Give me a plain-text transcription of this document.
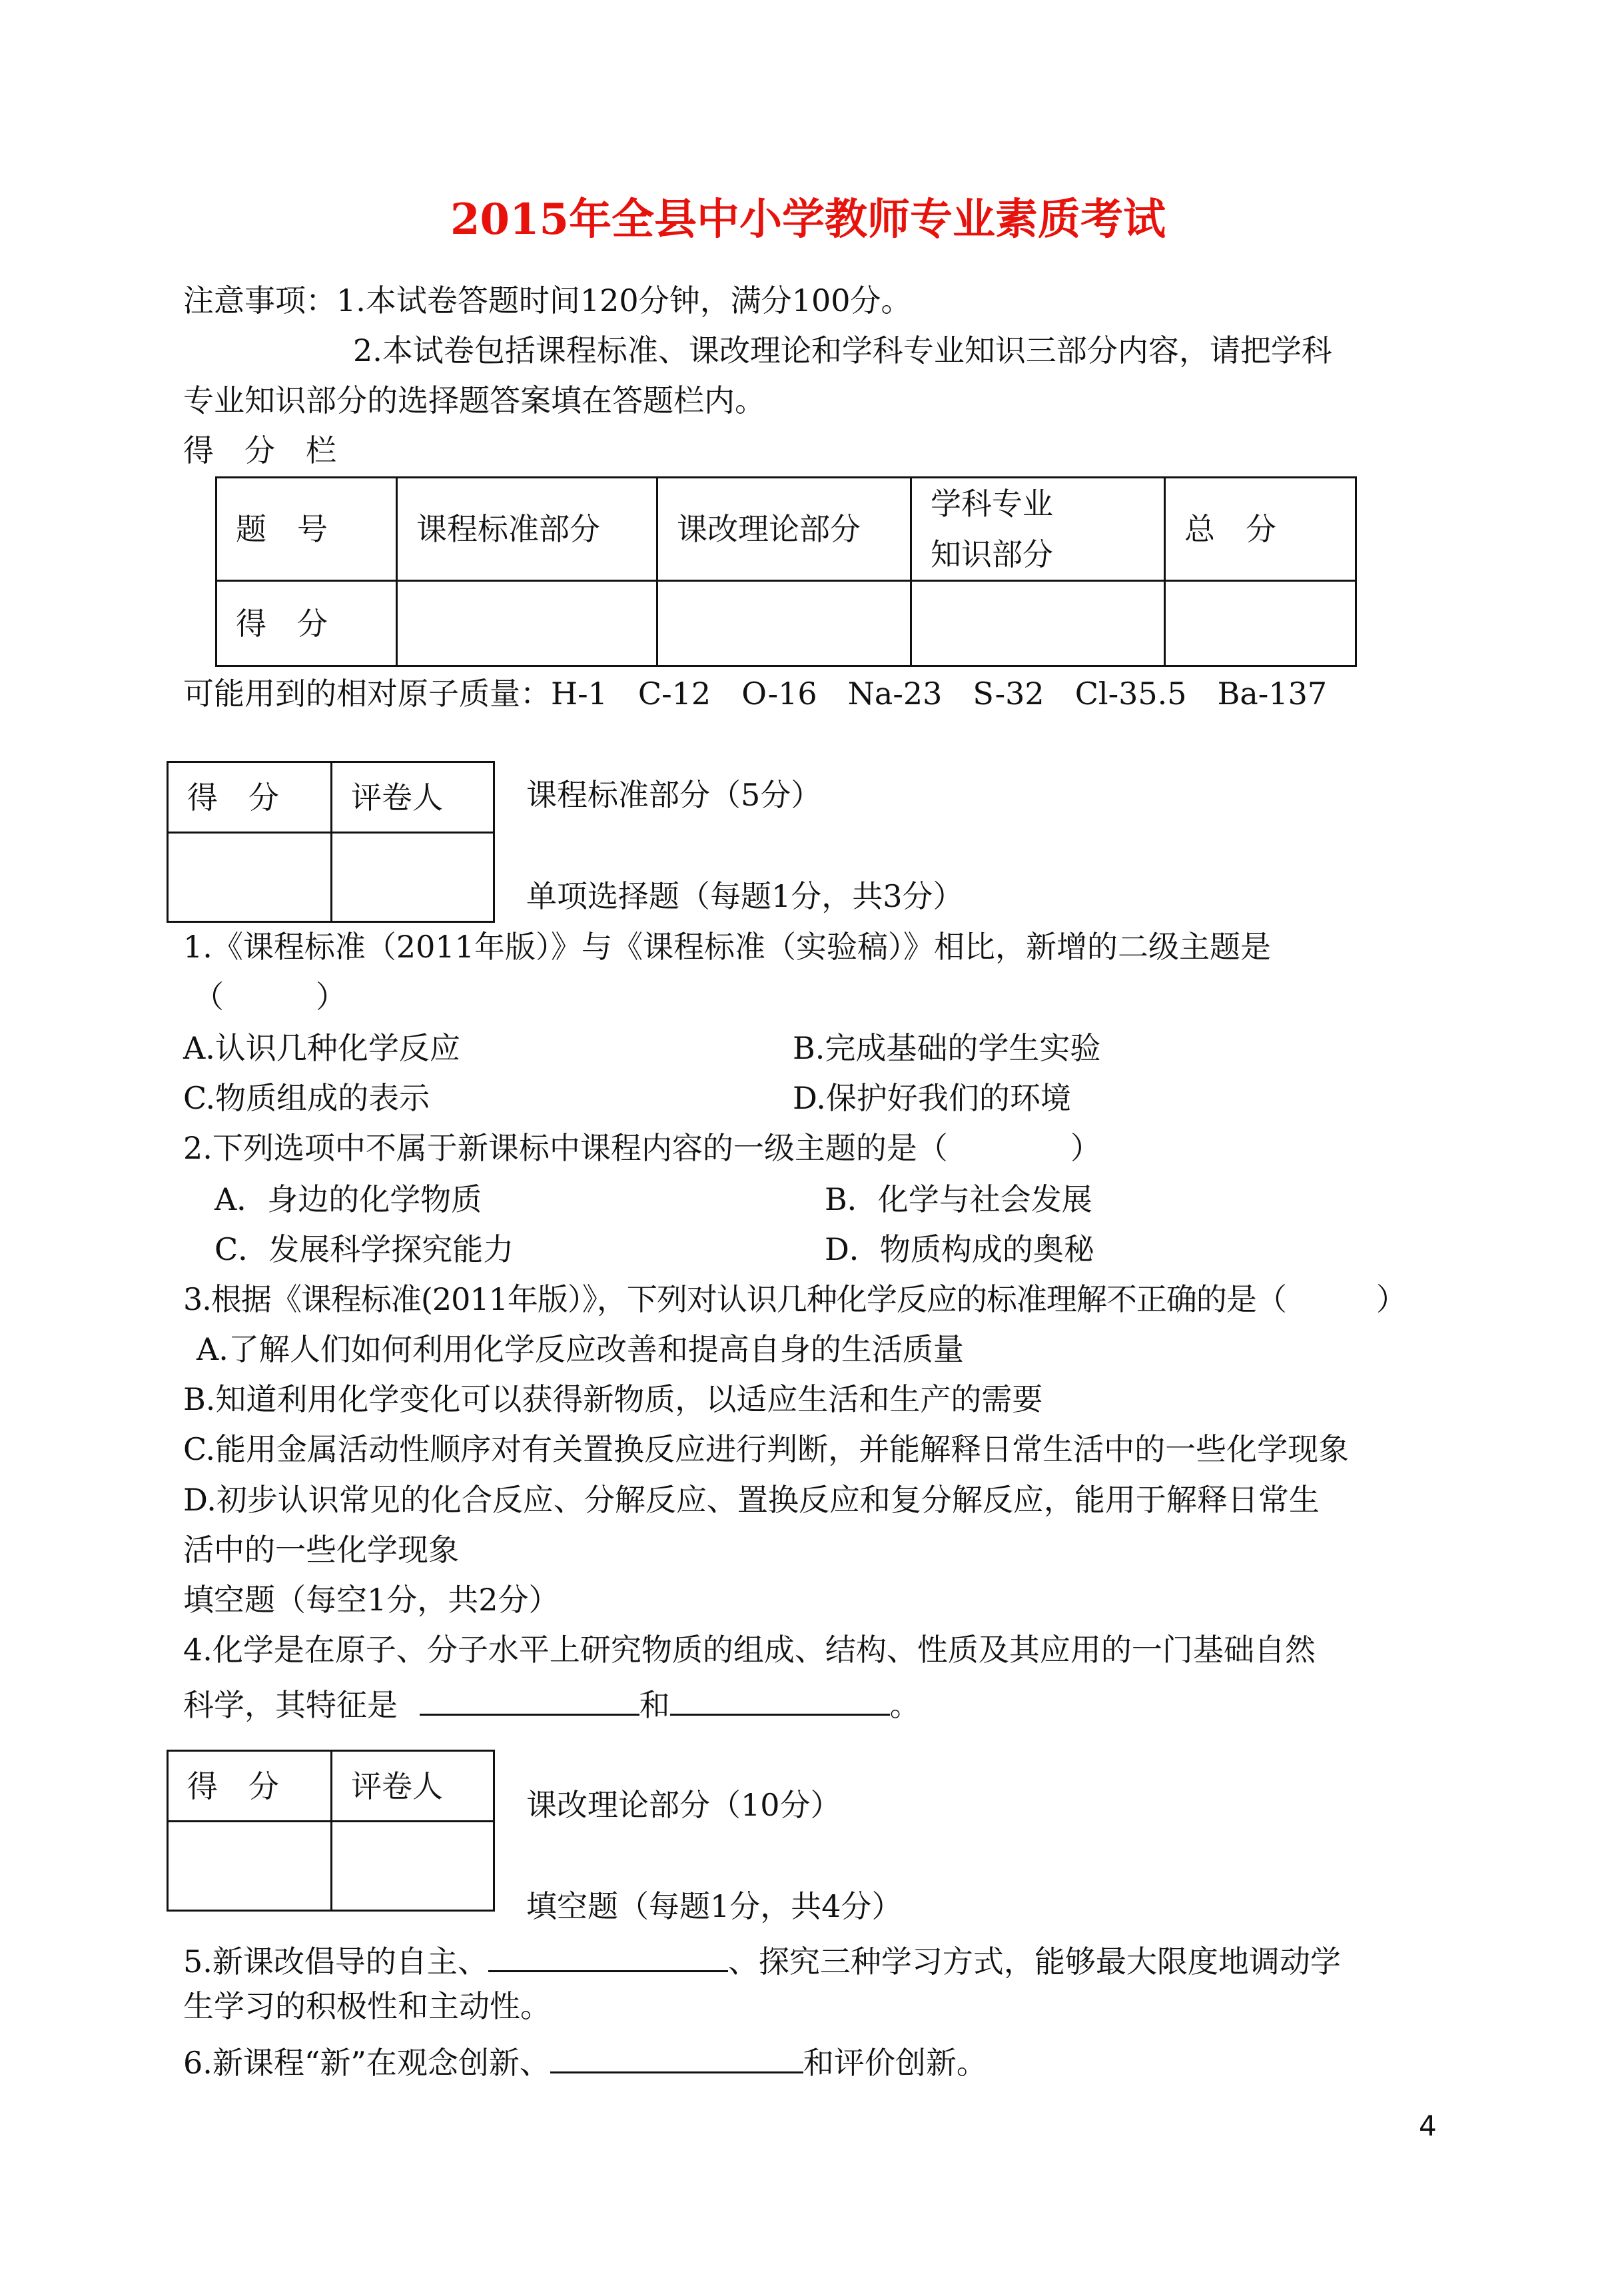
2015年全县中小学教师专业素质考试
注意事项：1.本试卷答题时间120分钟，满分100分。
2.本试卷包括课程标准、课改理论和学科专业知识三部分内容，请把学科
专业知识部分的选择题答案填在答题栏内。
得　分　栏
题　号	课程标准部分	课改理论部分	学科专业
知识部分	总　分
得　分				
可能用到的相对原子质量：H-1　C-12　O-16　Na-23　S-32　Cl-35.5　Ba-137
得　分	评卷人
		课程标准部分（5分）
单项选择题（每题1分，共3分）
1.《课程标准（2011年版）》与《课程标准（实验稿）》相比，新增的二级主题是
（　　　）
A.认识几种化学反应	B.完成基础的学生实验
C.物质组成的表示	D.保护好我们的环境
2.下列选项中不属于新课标中课程内容的一级主题的是（　　　　）
A．身边的化学物质	B．化学与社会发展
C．发展科学探究能力	D．物质构成的奥秘
3.根据《课程标准(2011年版）》，下列对认识几种化学反应的标准理解不正确的是（　　　）
A.了解人们如何利用化学反应改善和提高自身的生活质量
B.知道利用化学变化可以获得新物质，以适应生活和生产的需要
C.能用金属活动性顺序对有关置换反应进行判断，并能解释日常生活中的一些化学现象
D.初步认识常见的化合反应、分解反应、置换反应和复分解反应，能用于解释日常生
活中的一些化学现象
填空题（每空1分，共2分）
4.化学是在原子、分子水平上研究物质的组成、结构、性质及其应用的一门基础自然
科学，其特征是	和	。
得　分	评卷人

课改理论部分（10分）
填空题（每题1分，共4分）
5.新课改倡导的自主、	、探究三种学习方式，能够最大限度地调动学
生学习的积极性和主动性。
6.新课程“新”在观念创新、	和评价创新。
4
